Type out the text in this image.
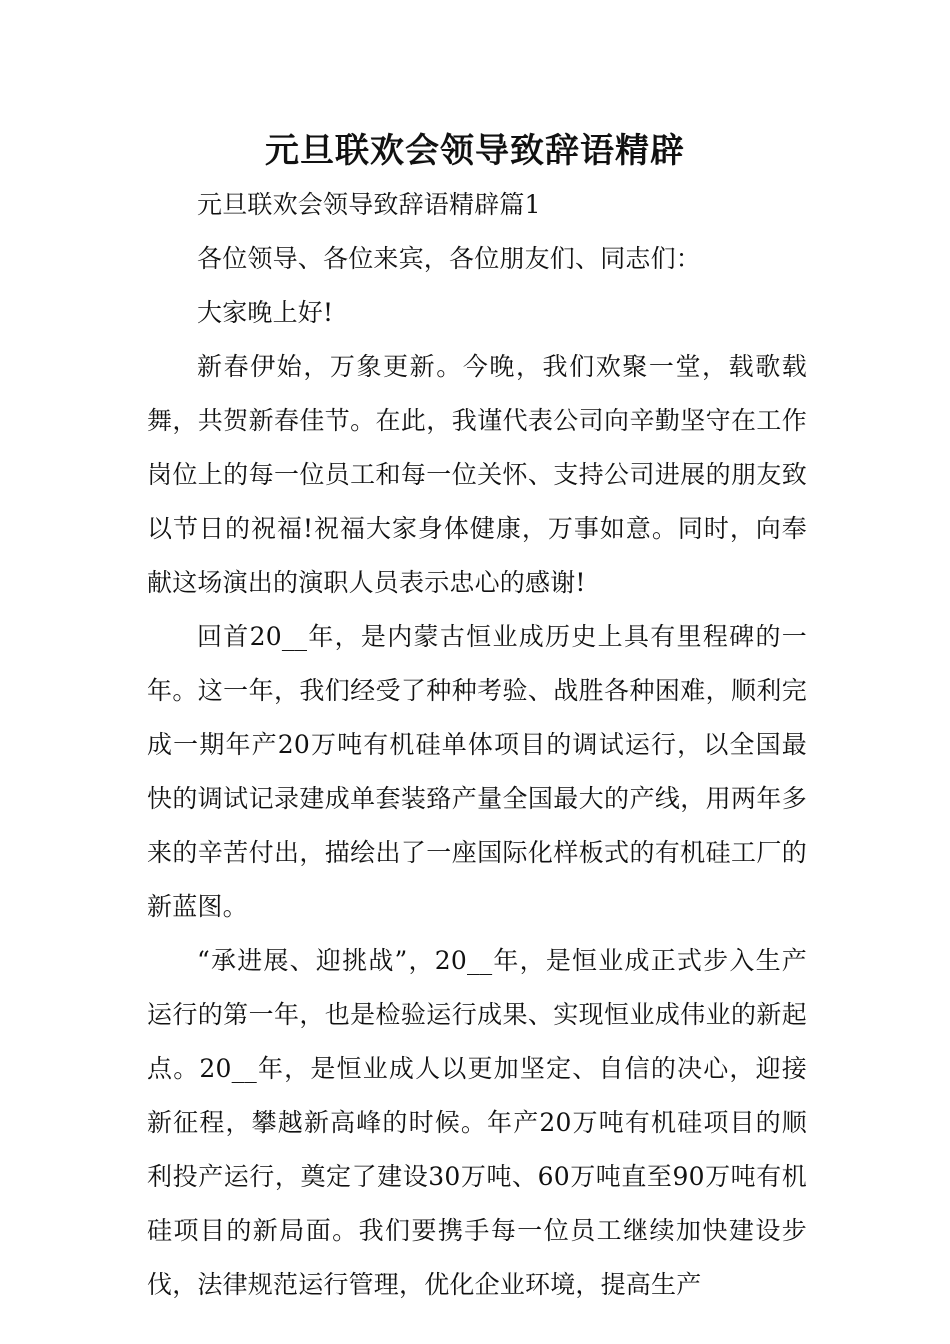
元旦联欢会领导致辞语精辟

元旦联欢会领导致辞语精辟篇1

各位领导、各位来宾，各位朋友们、同志们：

大家晚上好!

新春伊始，万象更新。今晚，我们欢聚一堂，载歌载舞，共贺新春佳节。在此，我谨代表公司向辛勤坚守在工作岗位上的每一位员工和每一位关怀、支持公司进展的朋友致以节日的祝福!祝福大家身体健康，万事如意。同时，向奉献这场演出的演职人员表示忠心的感谢!

回首20__年，是内蒙古恒业成历史上具有里程碑的一年。这一年，我们经受了种种考验、战胜各种困难，顺利完成一期年产20万吨有机硅单体项目的调试运行，以全国最快的调试记录建成单套装臵产量全国最大的产线，用两年多来的辛苦付出，描绘出了一座国际化样板式的有机硅工厂的新蓝图。

“承进展、迎挑战”，20__年，是恒业成正式步入生产运行的第一年，也是检验运行成果、实现恒业成伟业的新起点。20__年，是恒业成人以更加坚定、自信的决心，迎接新征程，攀越新高峰的时候。年产20万吨有机硅项目的顺利投产运行，奠定了建设30万吨、60万吨直至90万吨有机硅项目的新局面。我们要携手每一位员工继续加快建设步伐，法律规范运行管理，优化企业环境，提高生产
